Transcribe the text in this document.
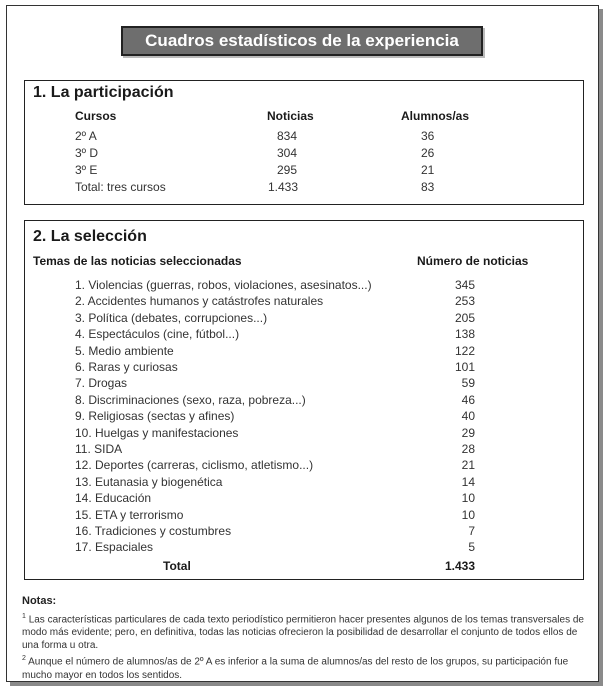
Cuadros estadísticos de la experiencia
1. La participación
Cursos	Noticias	Alumnos/as
2º A	834	36
3º D	304	26
3º E	295	21
Total: tres cursos	1.433	83
2. La selección
Temas de las noticias seleccionadas	Número de noticias
1. Violencias (guerras, robos, violaciones, asesinatos...)	345
2. Accidentes humanos y catástrofes naturales	253
3. Política (debates, corrupciones...)	205
4. Espectáculos (cine, fútbol...)	138
5. Medio ambiente	122
6. Raras y curiosas	101
7. Drogas	59
8. Discriminaciones (sexo, raza, pobreza...)	46
9. Religiosas (sectas y afines)	40
10. Huelgas y manifestaciones	29
11. SIDA	28
12. Deportes (carreras, ciclismo, atletismo...)	21
13. Eutanasia y biogenética	14
14. Educación	10
15. ETA y terrorismo	10
16. Tradiciones y costumbres	7
17. Espaciales	5
Total	1.433
Notas:
$^1$ Las características particulares de cada texto periodístico permitieron hacer presentes algunos de los temas transversales de modo más evidente; pero, en definitiva, todas las noticias ofrecieron la posibilidad de desarrollar el conjunto de todos ellos de una forma u otra.
$^2$ Aunque el número de alumnos/as de 2º A es inferior a la suma de alumnos/as del resto de los grupos, su participación fue mucho mayor en todos los sentidos.
